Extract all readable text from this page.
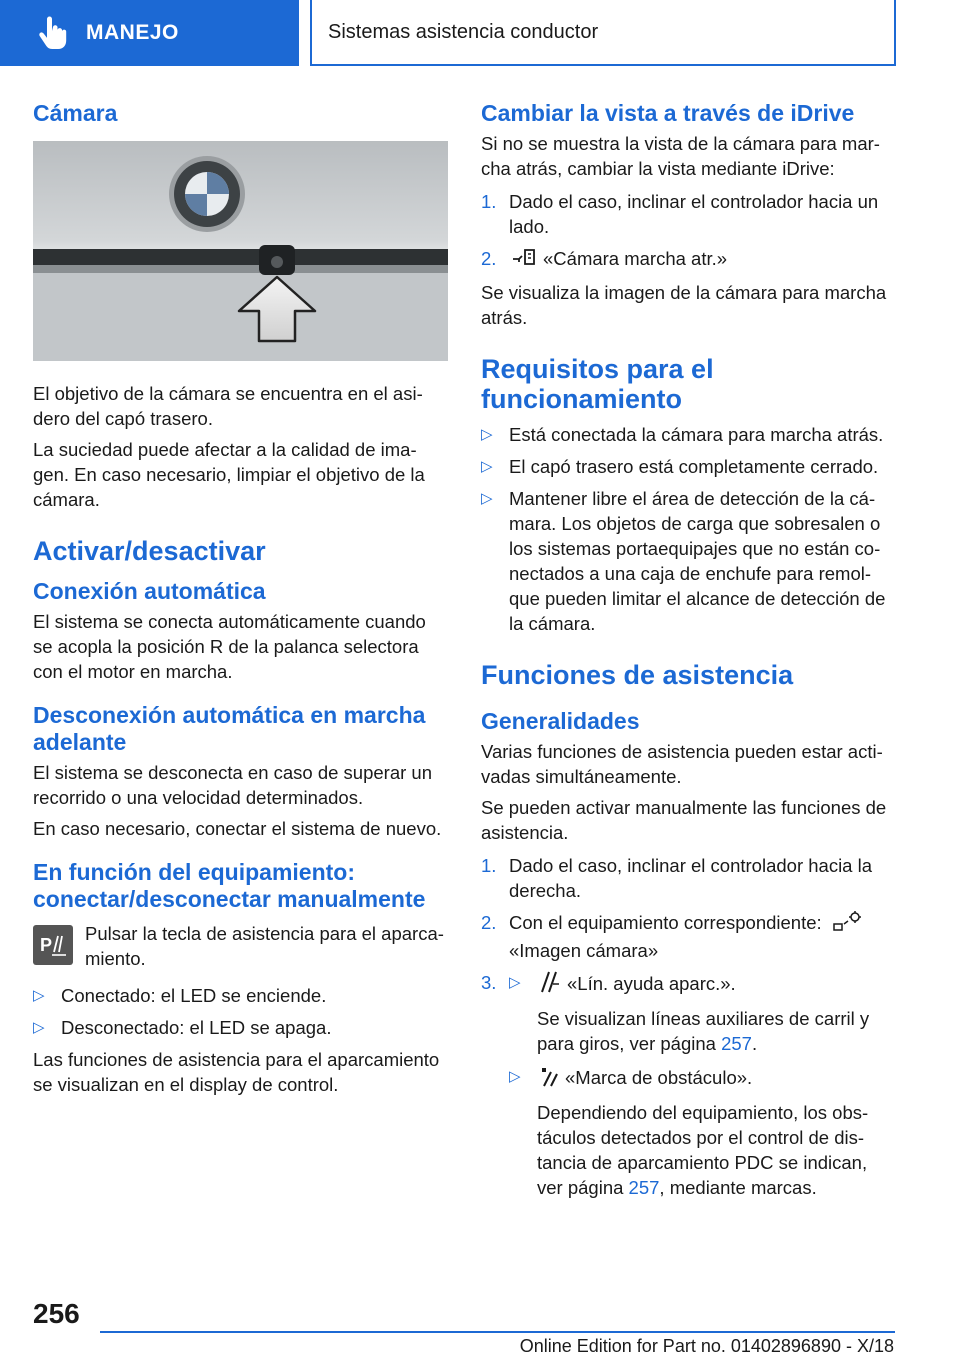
MANEJO	Sistemas asistencia conductor
Cámara

El objetivo de la cámara se encuentra en el asi-dero del capó trasero.

La suciedad puede afectar a la calidad de ima-gen. En caso necesario, limpiar el objetivo de la cámara.

Activar/desactivar
Conexión automática

El sistema se conecta automáticamente cuando se acopla la posición R de la palanca selectora con el motor en marcha.

Desconexión automática en marcha adelante

El sistema se desconecta en caso de superar un recorrido o una velocidad determinados.

En caso necesario, conectar el sistema de nuevo.

En función del equipamiento: conectar/desconectar manualmente
P
Pulsar la tecla de asistencia para el aparca-miento.
▷ Conectado: el LED se enciende.
▷ Desconectado: el LED se apaga.

Las funciones de asistencia para el aparcamiento se visualizan en el display de control.

Cambiar la vista a través de iDrive

Si no se muestra la vista de la cámara para mar-cha atrás, cambiar la vista mediante iDrive:

1. Dado el caso, inclinar el controlador hacia un lado.
2.	«Cámara marcha atr.»

Se visualiza la imagen de la cámara para marcha atrás.

Requisitos para el funcionamiento
▷ Está conectada la cámara para marcha atrás.
▷ El capó trasero está completamente cerrado.
▷ Mantener libre el área de detección de la cá-mara. Los objetos de carga que sobresalen o los sistemas portaequipajes que no están co-nectados a una caja de enchufe para remol-que pueden limitar el alcance de detección de la cámara.
Funciones de asistencia
Generalidades

Varias funciones de asistencia pueden estar acti-vadas simultáneamente.

Se pueden activar manualmente las funciones de asistencia.

1. Dado el caso, inclinar el controlador hacia la derecha.
2. Con el equipamiento correspondiente:
«Imagen cámara»
3. ▷	«Lín. ayuda aparc.».
Se visualizan líneas auxiliares de carril y para giros, ver página 257.
▷ «Marca de obstáculo».
Dependiendo del equipamiento, los obs-táculos detectados por el control de dis-tancia de aparcamiento PDC se indican, ver página 257, mediante marcas.
256
Online Edition for Part no. 01402896890 - X/18
